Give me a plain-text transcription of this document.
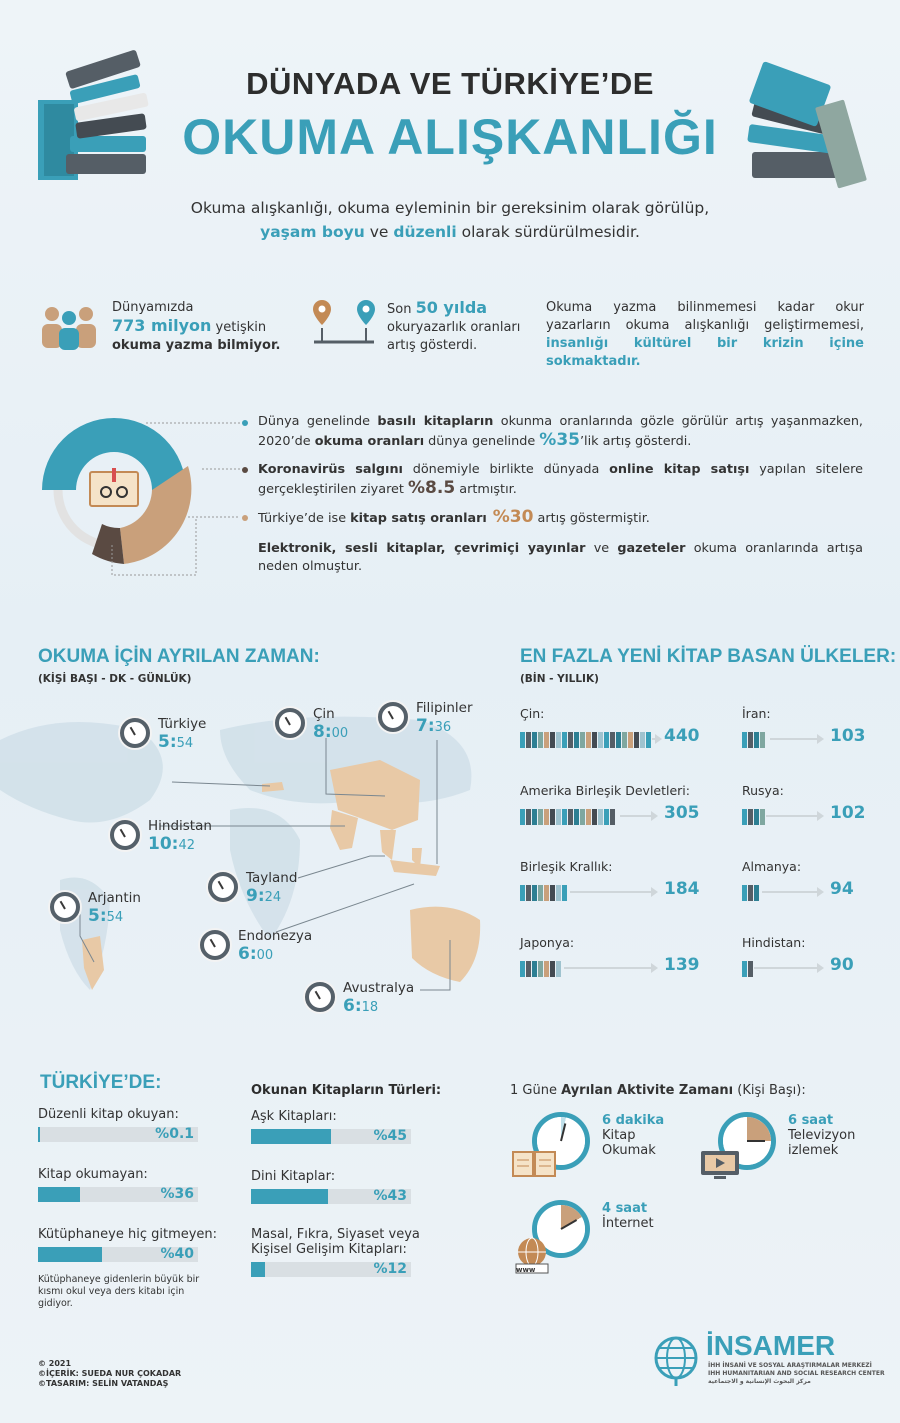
DÜNYADA VE TÜRKİYE’DE
OKUMA ALIŞKANLIĞI
Okuma alışkanlığı, okuma eyleminin bir gereksinim olarak görülüp,
yaşam boyu ve düzenli olarak sürdürülmesidir.
Dünyamızda
773 milyon yetişkin
okuma yazma bilmiyor.
Son 50 yılda
okuryazarlık oranları
artış gösterdi.
Okuma yazma bilinmemesi kadar okur yazarların okuma alışkanlığı geliştirmemesi, insanlığı kültürel bir krizin içine sokmaktadır.
Dünya genelinde basılı kitapların okunma oranlarında gözle görülür artış yaşanmazken, 2020’de okuma oranları dünya genelinde %35’lik artış gösterdi.
Koronavirüs salgını dönemiyle birlikte dünyada online kitap satışı yapılan sitelere gerçekleştirilen ziyaret %8.5 artmıştır.
Türkiye’de ise kitap satış oranları %30 artış göstermiştir.
Elektronik, sesli kitaplar, çevrimiçi yayınlar ve gazeteler okuma oranlarında artışa neden olmuştur.
OKUMA İÇİN AYRILAN ZAMAN:
(KİŞİ BAŞI - DK - GÜNLÜK)
Türkiye
5:54
Çin
8:00
Filipinler
7:36
Hindistan
10:42
Tayland
9:24
Arjantin
5:54
Endonezya
6:00
Avustralya
6:18
EN FAZLA YENİ KİTAP BASAN ÜLKELER:
(BİN - YILLIK)
Çin:
440
İran:
103
Amerika Birleşik Devletleri:
305
Rusya:
102
Birleşik Krallık:
184
Almanya:
94
Japonya:
139
Hindistan:
90
TÜRKİYE’DE:
Düzenli kitap okuyan:
%0.1
Kitap okumayan:
%36
Kütüphaneye hiç gitmeyen:
%40
Kütüphaneye gidenlerin büyük bir kısmı okul veya ders kitabı için gidiyor.
Okunan Kitapların Türleri:
Aşk Kitapları:
%45
Dini Kitaplar:
%43
Masal, Fıkra, Siyaset veya Kişisel Gelişim Kitapları:
%12
1 Güne Ayrılan Aktivite Zamanı (Kişi Başı):
6 dakika
Kitap
Okumak
6 saat
Televizyon
izlemek
www
4 saat
İnternet
© 2021
©İÇERİK: SUEDA NUR ÇOKADAR
©TASARIM: SELİN VATANDAŞ
İNSAMER
İHH İNSANİ VE SOSYAL ARAŞTIRMALAR MERKEZİ
IHH HUMANITARIAN AND SOCIAL RESEARCH CENTER
مركز البحوث الإنسانية و الاجتماعية
